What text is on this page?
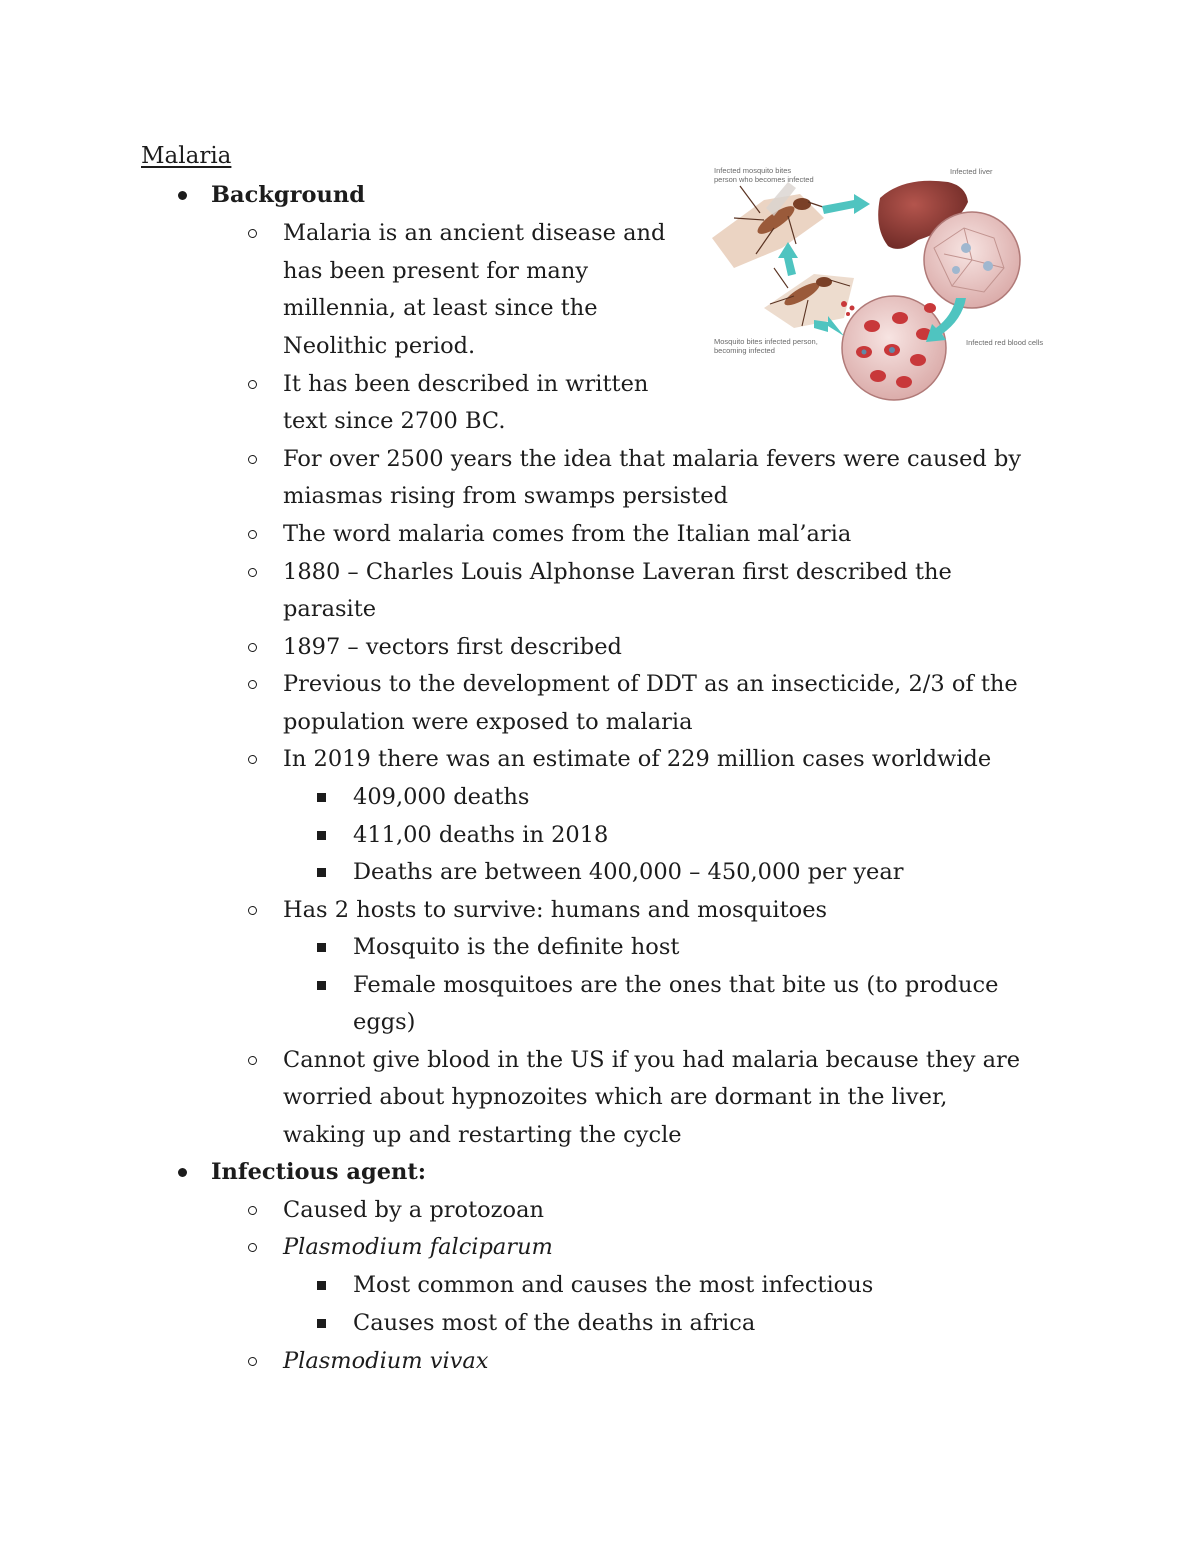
Malaria
Background
Malaria is an ancient disease and
has been present for many
millennia, at least since the
Neolithic period.
It has been described in written
text since 2700 BC.
For over 2500 years the idea that malaria fevers were caused by
miasmas rising from swamps persisted
The word malaria comes from the Italian mal’aria
1880 – Charles Louis Alphonse Laveran first described the
parasite
1897 – vectors first described
Previous to the development of DDT as an insecticide, 2/3 of the
population were exposed to malaria
In 2019 there was an estimate of 229 million cases worldwide
409,000 deaths
411,00 deaths in 2018
Deaths are between 400,000 – 450,000 per year
Has 2 hosts to survive: humans and mosquitoes
Mosquito is the definite host
Female mosquitoes are the ones that bite us (to produce
eggs)
Cannot give blood in the US if you had malaria because they are
worried about hypnozoites which are dormant in the liver,
waking up and restarting the cycle
Infectious agent:
Caused by a protozoan
Plasmodium falciparum
Most common and causes the most infectious
Causes most of the deaths in africa
Plasmodium vivax
Infected mosquito bites
person who becomes infected
Infected liver
Mosquito bites infected person,
becoming infected
Infected red blood cells
